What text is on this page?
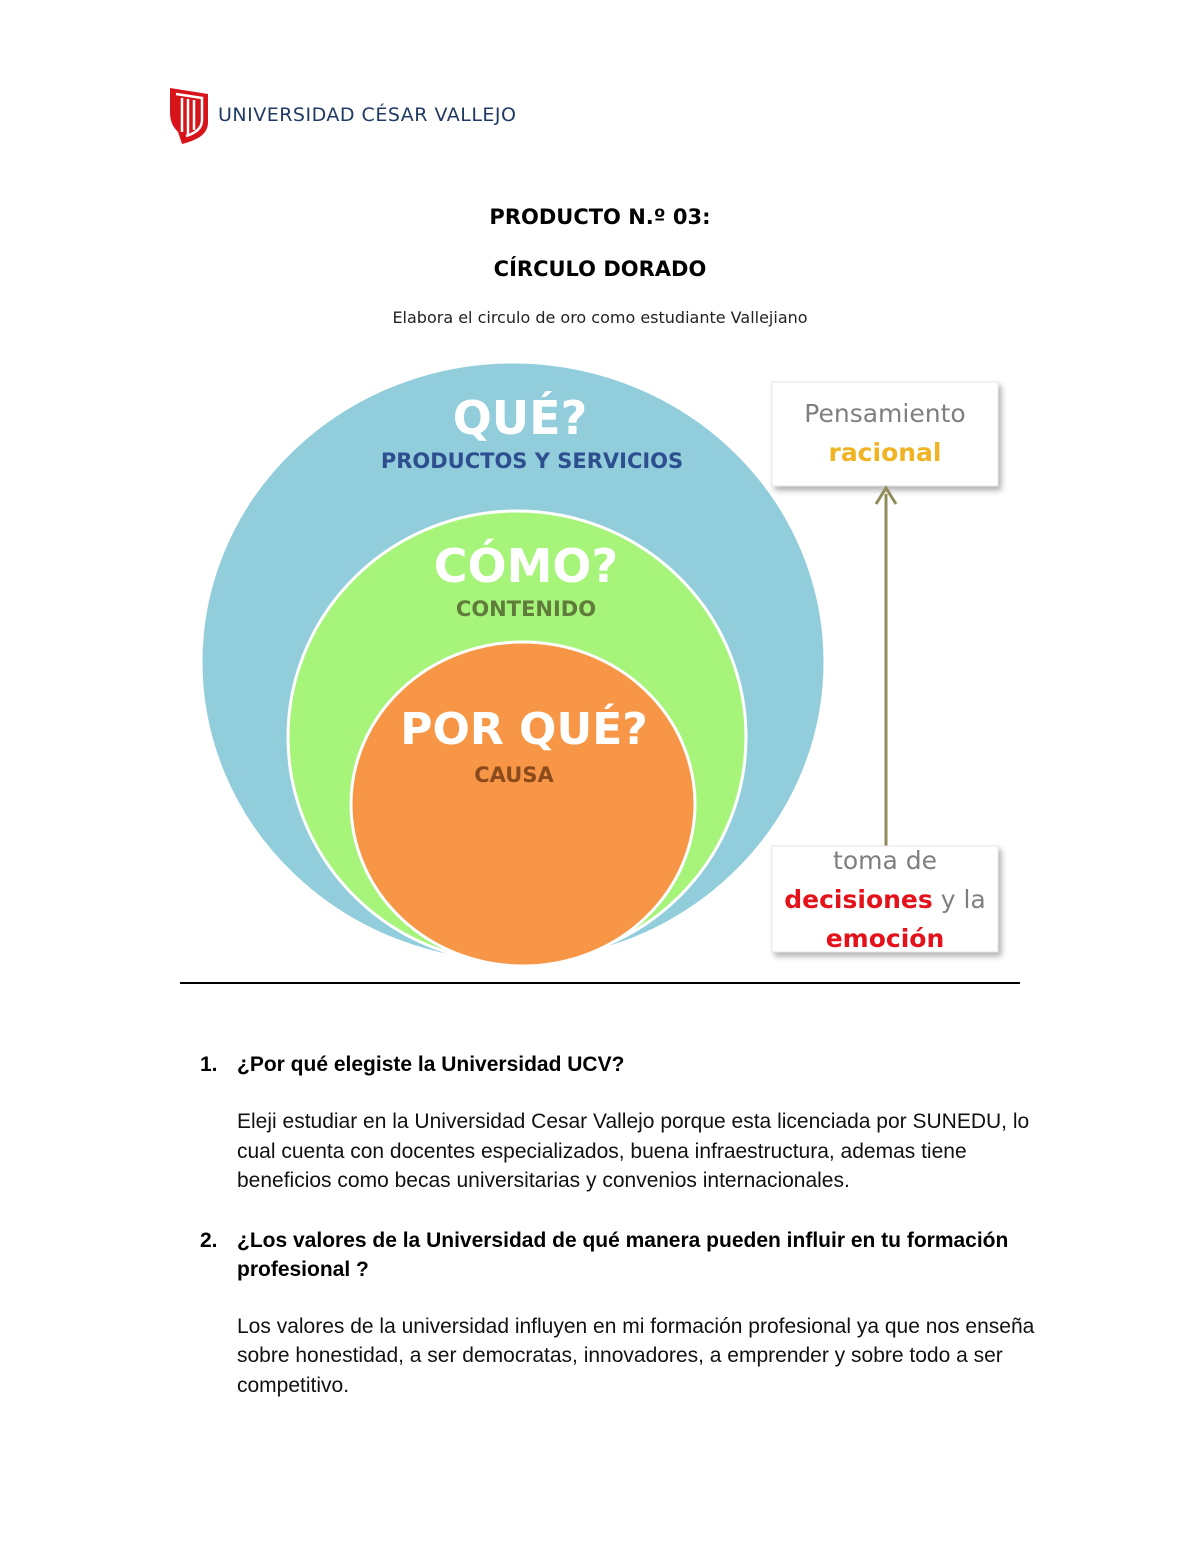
UNIVERSIDAD CÉSAR VALLEJO
PRODUCTO N.º 03:
CÍRCULO DORADO
Elabora el circulo de oro como estudiante Vallejiano
QUÉ?
PRODUCTOS Y SERVICIOS
CÓMO?
CONTENIDO
POR QUÉ?
CAUSA
Pensamiento
racional
toma de
decisiones y la
emoción
1. ¿Por qué elegiste la Universidad UCV?
Eleji estudiar en la Universidad Cesar Vallejo porque esta licenciada por SUNEDU, lo cual cuenta con docentes especializados, buena infraestructura, ademas tiene beneficios como becas universitarias y convenios internacionales.
2. ¿Los valores de la Universidad de qué manera pueden influir en tu formación profesional ?
Los valores de la universidad influyen en mi formación profesional ya que nos enseña sobre honestidad, a ser democratas, innovadores, a emprender y sobre todo a ser competitivo.
